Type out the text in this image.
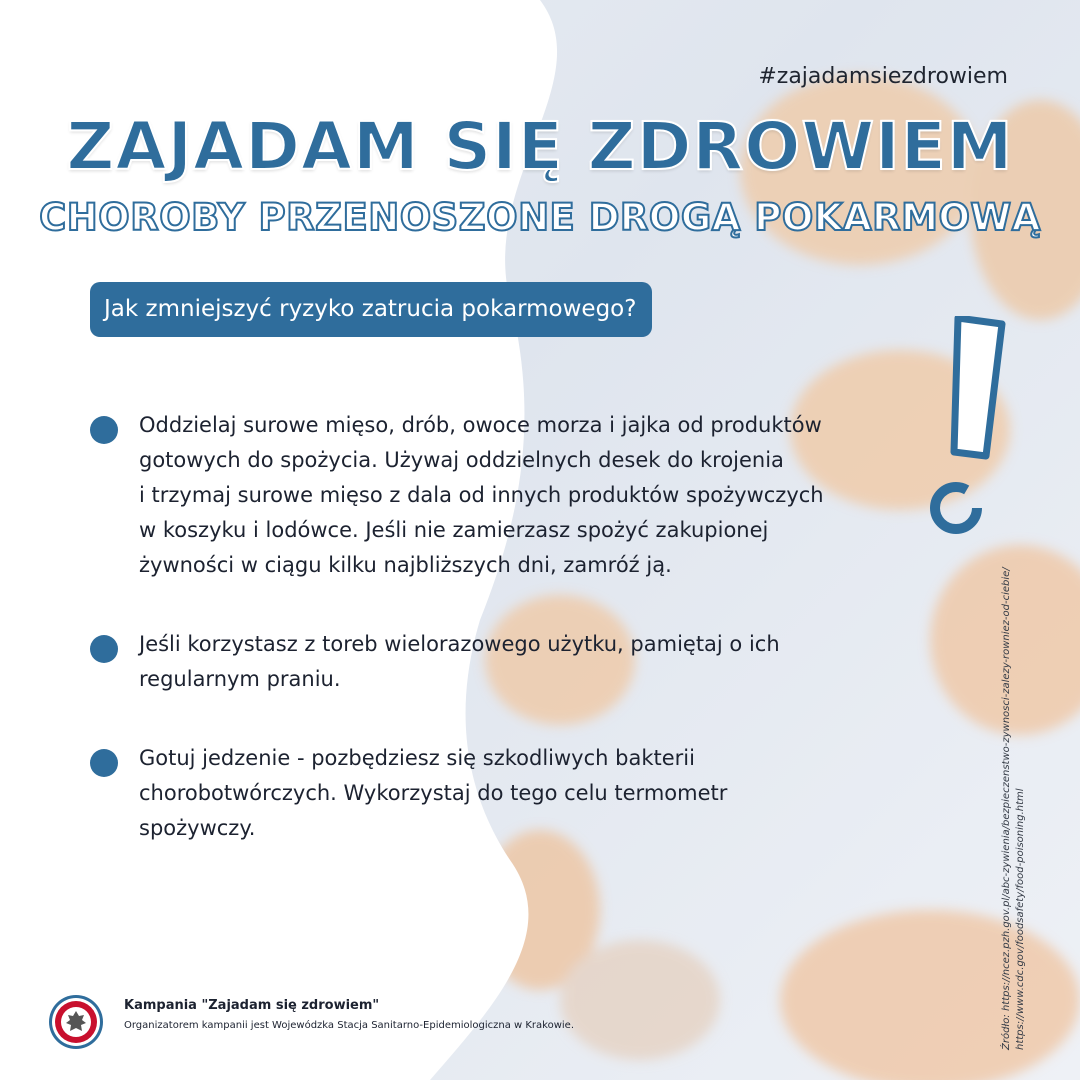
#zajadamsiezdrowiem
ZAJADAM SIĘ ZDROWIEM
CHOROBY PRZENOSZONE DROGĄ POKARMOWĄ
Jak zmniejszyć ryzyko zatrucia pokarmowego?
Oddzielaj surowe mięso, drób, owoce morza i jajka od produktów
gotowych do spożycia. Używaj oddzielnych desek do krojenia
i trzymaj surowe mięso z dala od innych produktów spożywczych
w koszyku i lodówce. Jeśli nie zamierzasz spożyć zakupionej
żywności w ciągu kilku najbliższych dni, zamróź ją.
Jeśli korzystasz z toreb wielorazowego użytku, pamiętaj o ich
regularnym praniu.
Gotuj jedzenie - pozbędziesz się szkodliwych bakterii
chorobotwórczych. Wykorzystaj do tego celu termometr
spożywczy.	Źródło: https://ncez.pzh.gov.pl/abc-zywienia/bezpieczenstwo-zywnosci-zalezy-rowniez-od-ciebie/ https://www.cdc.gov/foodsafety/food-poisoning.html
Kampania "Zajadam się zdrowiem"
Organizatorem kampanii jest Wojewódzka Stacja Sanitarno-Epidemiologiczna w Krakowie.
